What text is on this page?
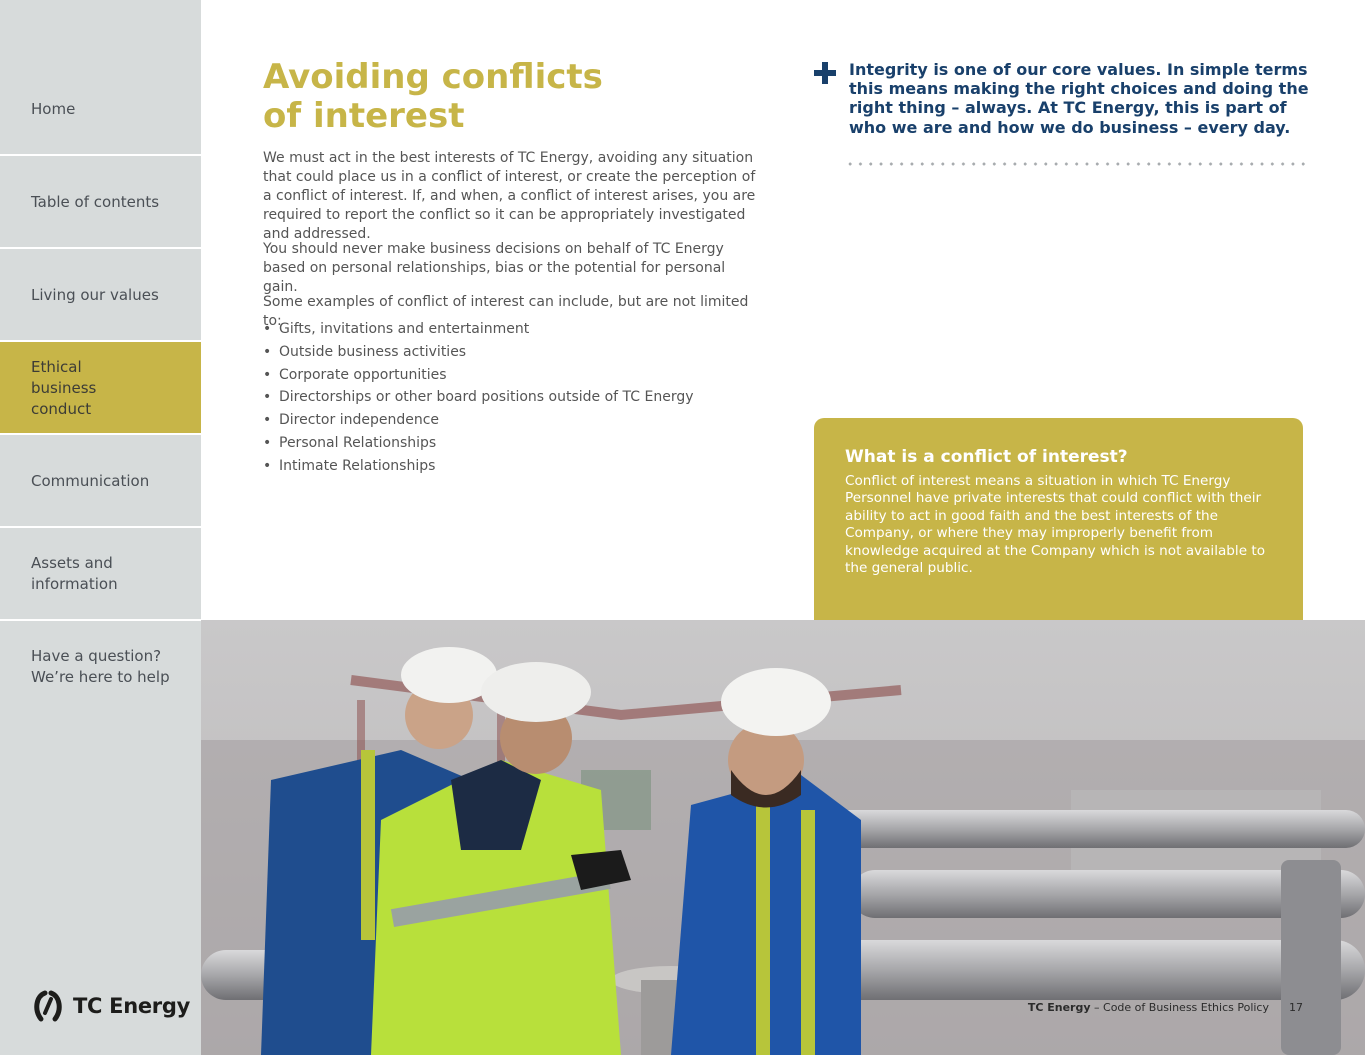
Home
Table of contents
Living our values
Ethical business conduct
Communication
Assets and information
Have a question? We’re here to help
TC Energy
Avoiding conflicts
of interest

We must act in the best interests of TC Energy, avoiding any situation that could place us in a conflict of interest, or create the perception of a conflict of interest. If, and when, a conflict of interest arises, you are required to report the conflict so it can be appropriately investigated and addressed.

You should never make business decisions on behalf of TC Energy based on personal relationships, bias or the potential for personal gain.

Some examples of conflict of interest can include, but are not limited to:

• Gifts, invitations and entertainment
• Outside business activities
• Corporate opportunities
• Directorships or other board positions outside of TC Energy
• Director independence
• Personal Relationships
• Intimate Relationships

Integrity is one of our core values. In simple terms this means making the right choices and doing the right thing – always. At TC Energy, this is part of who we are and how we do business – every day.

What is a conflict of interest?

Conflict of interest means a situation in which TC Energy Personnel have private interests that could conflict with their ability to act in good faith and the best interests of the Company, or where they may improperly benefit from knowledge acquired at the Company which is not available to the general public.

TC Energy – Code of Business Ethics Policy 17
